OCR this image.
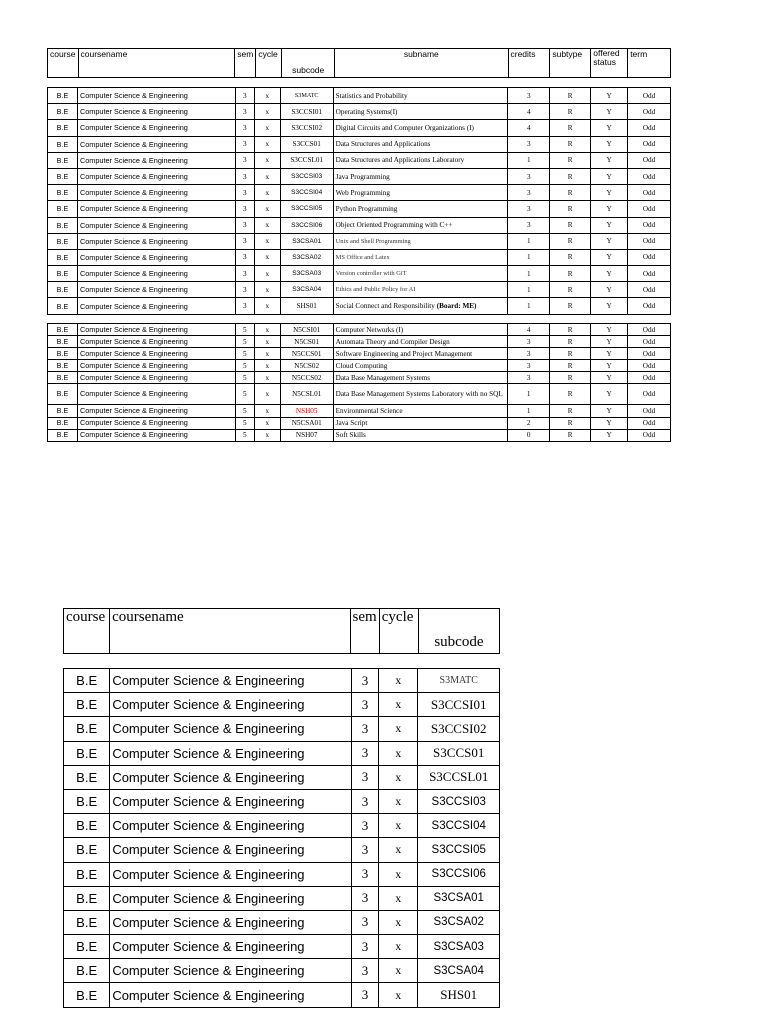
course	coursename	sem	cycle	subcode	subname	credits	subtype	offered status	term
B.E	Computer Science & Engineering	3	x	S3MATC	Statistics and Probability	3	R	Y	Odd
B.E	Computer Science & Engineering	3	x	S3CCSI01	Operating Systems(I)	4	R	Y	Odd
B.E	Computer Science & Engineering	3	x	S3CCSI02	Digital Circuits and Computer Organizations (I)	4	R	Y	Odd
B.E	Computer Science & Engineering	3	x	S3CCS01	Data Structures and Applications	3	R	Y	Odd
B.E	Computer Science & Engineering	3	x	S3CCSL01	Data Structures and Applications Laboratory	1	R	Y	Odd
B.E	Computer Science & Engineering	3	x	S3CCSI03	Java Programming	3	R	Y	Odd
B.E	Computer Science & Engineering	3	x	S3CCSI04	Web Programming	3	R	Y	Odd
B.E	Computer Science & Engineering	3	x	S3CCSI05	Python Programming	3	R	Y	Odd
B.E	Computer Science & Engineering	3	x	S3CCSI06	Object Oriented Programming with C++	3	R	Y	Odd
B.E	Computer Science & Engineering	3	x	S3CSA01	Unix and Shell Programming	1	R	Y	Odd
B.E	Computer Science & Engineering	3	x	S3CSA02	MS Office and Latex	1	R	Y	Odd
B.E	Computer Science & Engineering	3	x	S3CSA03	Version controller with GiT	1	R	Y	Odd
B.E	Computer Science & Engineering	3	x	S3CSA04	Ethics and Public Policy for AI	1	R	Y	Odd
B.E	Computer Science & Engineering	3	x	SHS01	Social Connect and Responsibility (Board: ME)	1	R	Y	Odd
B.E	Computer Science & Engineering	5	x	N5CSI01	Computer Networks (I)	4	R	Y	Odd
B.E	Computer Science & Engineering	5	x	N5CS01	Automata Theory and Compiler Design	3	R	Y	Odd
B.E	Computer Science & Engineering	5	x	N5CCS01	Software Engineering and Project Management	3	R	Y	Odd
B.E	Computer Science & Engineering	5	x	N5CS02	Cloud Computing	3	R	Y	Odd
B.E	Computer Science & Engineering	5	x	N5CCS02	Data Base Management Systems	3	R	Y	Odd
B.E	Computer Science & Engineering	5	x	N5CSL01	Data Base Management Systems Laboratory with no SQL	1	R	Y	Odd
B.E	Computer Science & Engineering	5	x	NSH05	Environmental Science	1	R	Y	Odd
B.E	Computer Science & Engineering	5	x	N5CSA01	Java Script	2	R	Y	Odd
B.E	Computer Science & Engineering	5	x	NSH07	Soft Skills	0	R	Y	Odd
course	coursename	sem	cycle	subcode
B.E	Computer Science & Engineering	3	x	S3MATC
B.E	Computer Science & Engineering	3	x	S3CCSI01
B.E	Computer Science & Engineering	3	x	S3CCSI02
B.E	Computer Science & Engineering	3	x	S3CCS01
B.E	Computer Science & Engineering	3	x	S3CCSL01
B.E	Computer Science & Engineering	3	x	S3CCSI03
B.E	Computer Science & Engineering	3	x	S3CCSI04
B.E	Computer Science & Engineering	3	x	S3CCSI05
B.E	Computer Science & Engineering	3	x	S3CCSI06
B.E	Computer Science & Engineering	3	x	S3CSA01
B.E	Computer Science & Engineering	3	x	S3CSA02
B.E	Computer Science & Engineering	3	x	S3CSA03
B.E	Computer Science & Engineering	3	x	S3CSA04
B.E	Computer Science & Engineering	3	x	SHS01
